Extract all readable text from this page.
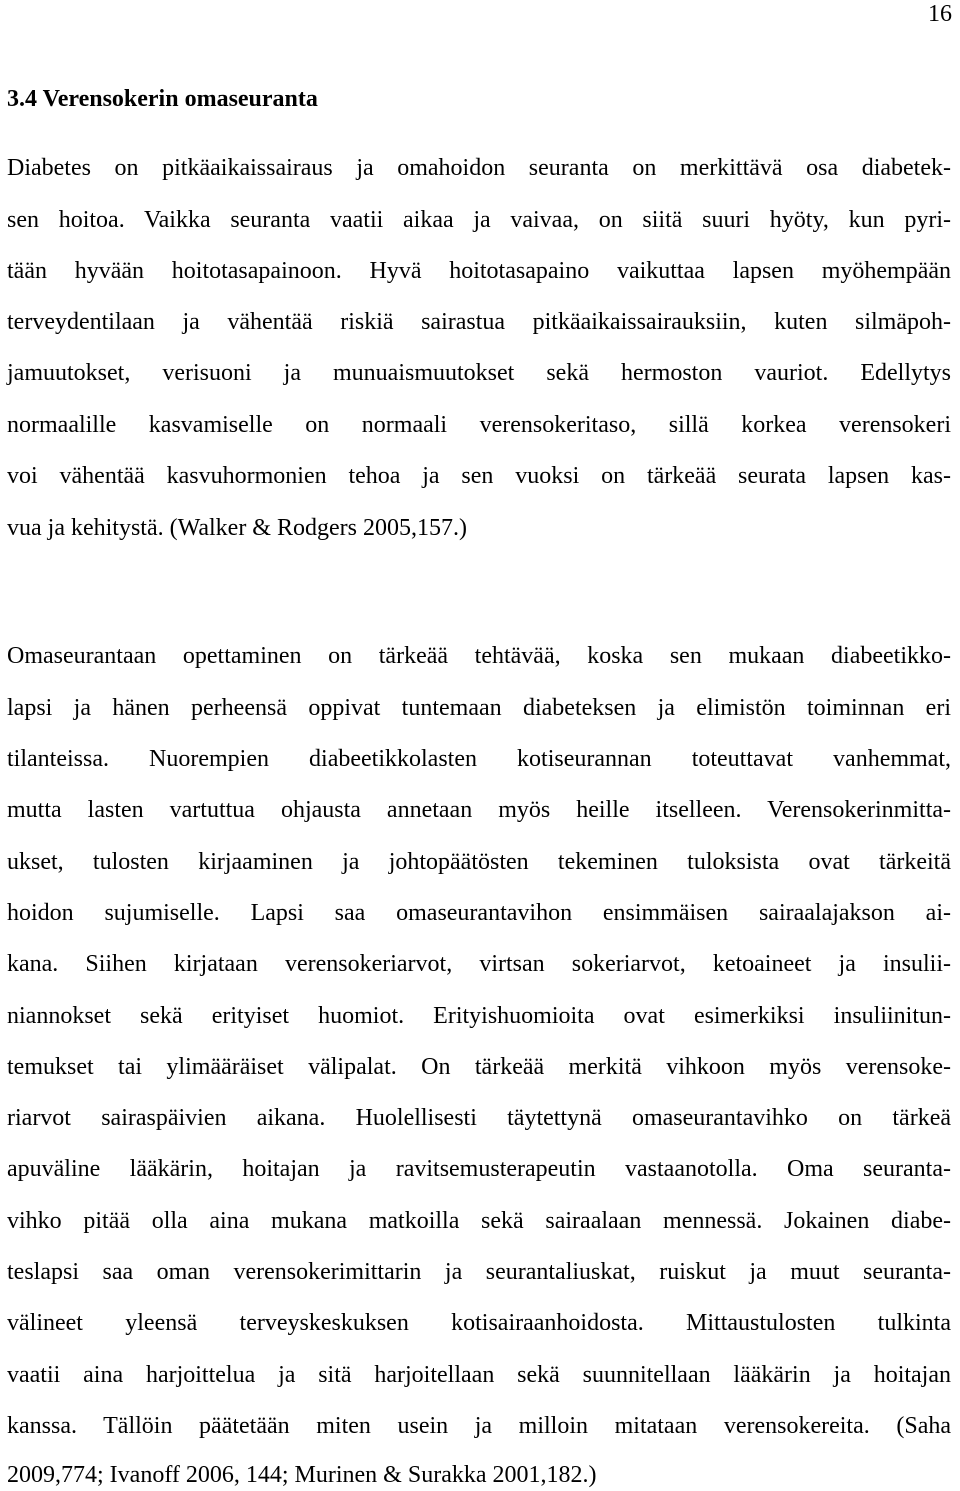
16
3.4 Verensokerin omaseuranta
Diabetes on pitkäaikaissairaus ja omahoidon seuranta on merkittävä osa diabetek-
sen hoitoa. Vaikka seuranta vaatii aikaa ja vaivaa, on siitä suuri hyöty, kun pyri-
tään hyvään hoitotasapainoon. Hyvä hoitotasapaino vaikuttaa lapsen myöhempään
terveydentilaan ja vähentää riskiä sairastua pitkäaikaissairauksiin, kuten silmäpoh-
jamuutokset, verisuoni ja munuaismuutokset sekä hermoston vauriot. Edellytys
normaalille kasvamiselle on normaali verensokeritaso, sillä korkea verensokeri
voi vähentää kasvuhormonien tehoa ja sen vuoksi on tärkeää seurata lapsen kas-
vua ja kehitystä. (Walker & Rodgers 2005,157.)
Omaseurantaan opettaminen on tärkeää tehtävää, koska sen mukaan diabeetikko-
lapsi ja hänen perheensä oppivat tuntemaan diabeteksen ja elimistön toiminnan eri
tilanteissa. Nuorempien diabeetikkolasten kotiseurannan toteuttavat vanhemmat,
mutta lasten vartuttua ohjausta annetaan myös heille itselleen. Verensokerinmitta-
ukset, tulosten kirjaaminen ja johtopäätösten tekeminen tuloksista ovat tärkeitä
hoidon sujumiselle. Lapsi saa omaseurantavihon ensimmäisen sairaalajakson ai-
kana. Siihen kirjataan verensokeriarvot, virtsan sokeriarvot, ketoaineet ja insulii-
niannokset sekä erityiset huomiot. Erityishuomioita ovat esimerkiksi insuliinitun-
temukset tai ylimääräiset välipalat. On tärkeää merkitä vihkoon myös verensoke-
riarvot sairaspäivien aikana. Huolellisesti täytettynä omaseurantavihko on tärkeä
apuväline lääkärin, hoitajan ja ravitsemusterapeutin vastaanotolla. Oma seuranta-
vihko pitää olla aina mukana matkoilla sekä sairaalaan mennessä. Jokainen diabe-
teslapsi saa oman verensokerimittarin ja seurantaliuskat, ruiskut ja muut seuranta-
välineet yleensä terveyskeskuksen kotisairaanhoidosta. Mittaustulosten tulkinta
vaatii aina harjoittelua ja sitä harjoitellaan sekä suunnitellaan lääkärin ja hoitajan
kanssa. Tällöin päätetään miten usein ja milloin mitataan verensokereita. (Saha
2009,774; Ivanoff 2006, 144; Murinen & Surakka 2001,182.)
